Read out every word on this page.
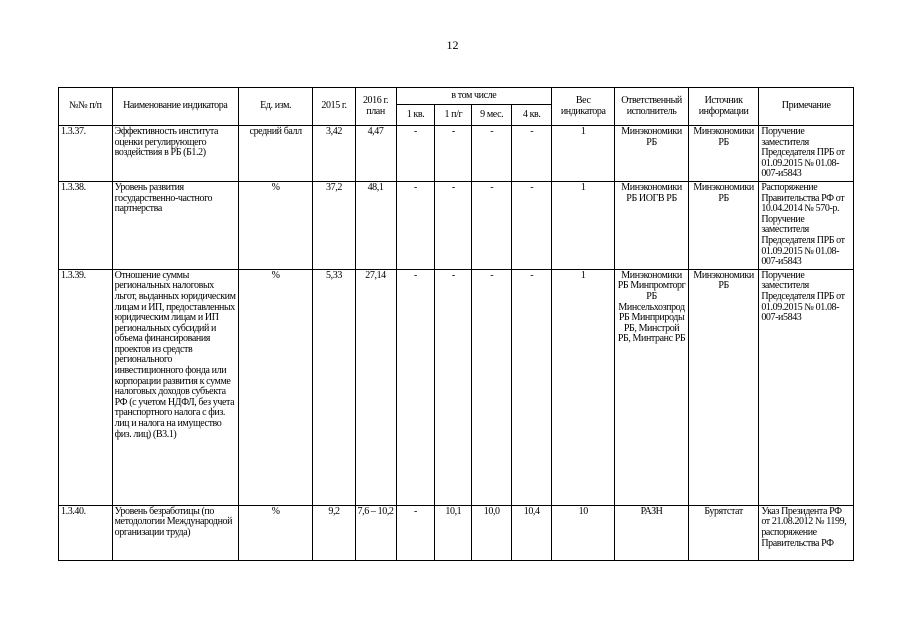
12
№№ п/п	Наименование индикатора	Ед. изм.	2015 г.	2016 г. план	в том числе				Вес индикатора	Ответственный исполнитель	Источник информации	Примечание
					1 кв.	1 п/г	9 мес.	4 кв.				
1.3.37.	Эффективность института оценки регулирующего воздействия в РБ (Б1.2)	средний балл	3,42	4,47	-	-	-	-	1	Минэкономики РБ	Минэкономики РБ	Поручение заместителя Председателя ПРБ от 01.09.2015 № 01.08-007-и5843
1.3.38.	Уровень развития государственно-частного партнерства	%	37,2	48,1	-	-	-	-	1	Минэкономики РБ ИОГВ РБ	Минэкономики РБ	Распоряжение Правительства РФ от 10.04.2014 № 570-р. Поручение заместителя Председателя ПРБ от 01.09.2015 № 01.08-007-и5843
1.3.39.	Отношение суммы региональных налоговых льгот, выданных юридическим лицам и ИП, предоставленных юридическим лицам и ИП региональных субсидий и объема финансирования проектов из средств регионального инвестиционного фонда или корпорации развития к сумме налоговых доходов субъекта РФ (с учетом НДФЛ, без учета транспортного налога с физ. лиц и налога на имущество физ. лиц) (В3.1)	%	5,33	27,14	-	-	-	-	1	Минэкономики РБ Минпромторг РБ Минсельхозпрод РБ Минприроды РБ, Минстрой РБ, Минтранс РБ	Минэкономики РБ	Поручение заместителя Председателя ПРБ от 01.09.2015 № 01.08-007-и5843
1.3.40.	Уровень безработицы (по методологии Международной организации труда)	%	9,2	7,6 – 10,2	-	10,1	10,0	10,4	10	РАЗН	Бурятстат	Указ Президента РФ от 21.08.2012 № 1199, распоряжение Правительства РФ
